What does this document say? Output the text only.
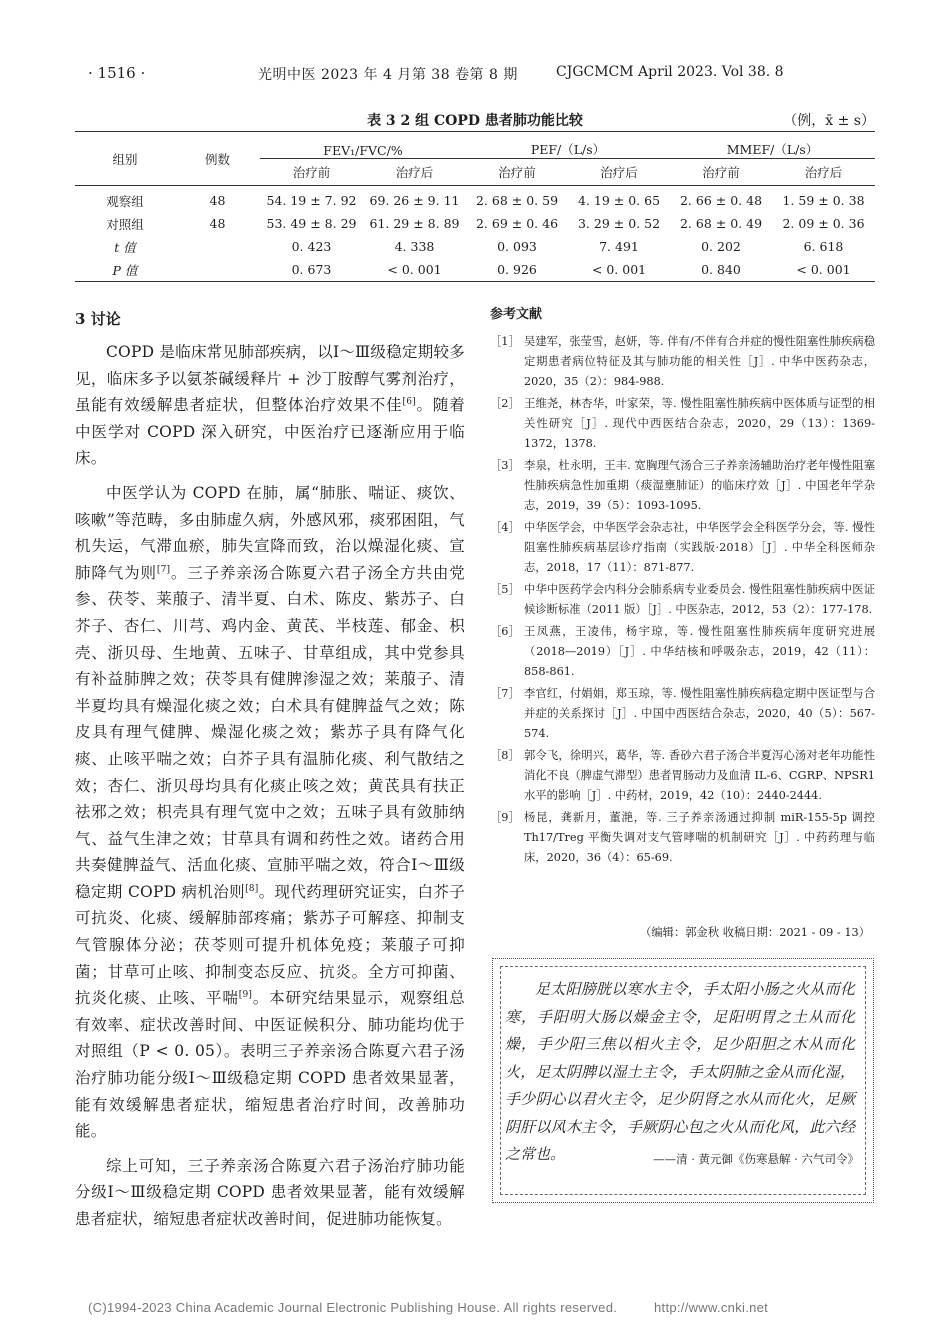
· 1516 ·	光明中医 2023 年 4 月第 38 卷第 8 期	CJGCMCM April 2023. Vol 38. 8
表 3 2 组 COPD 患者肺功能比较	（例，x̄ ± s）
组别	例数	FEV₁/FVC/%		PEF/（L/s）		MMEF/（L/s）	
		治疗前	治疗后	治疗前	治疗后	治疗前	治疗后
观察组	48	54. 19 ± 7. 92	69. 26 ± 9. 11	2. 68 ± 0. 59	4. 19 ± 0. 65	2. 66 ± 0. 48	1. 59 ± 0. 38
对照组	48	53. 49 ± 8. 29	61. 29 ± 8. 89	2. 69 ± 0. 46	3. 29 ± 0. 52	2. 68 ± 0. 49	2. 09 ± 0. 36
t 值		0. 423	4. 338	0. 093	7. 491	0. 202	6. 618
P 值		0. 673	< 0. 001	0. 926	< 0. 001	0. 840	< 0. 001
3 讨论

COPD 是临床常见肺部疾病，以Ⅰ～Ⅲ级稳定期较多见，临床多予以氨茶碱缓释片 + 沙丁胺醇气雾剂治疗，虽能有效缓解患者症状，但整体治疗效果不佳[6]。随着中医学对 COPD 深入研究，中医治疗已逐渐应用于临床。

中医学认为 COPD 在肺，属“肺胀、喘证、痰饮、咳嗽”等范畴，多由肺虚久病，外感风邪，痰邪困阻，气机失运，气滞血瘀，肺失宣降而致，治以燥湿化痰、宣肺降气为则[7]。三子养亲汤合陈夏六君子汤全方共由党参、茯苓、莱菔子、清半夏、白术、陈皮、紫苏子、白芥子、杏仁、川芎、鸡内金、黄芪、半枝莲、郁金、枳壳、浙贝母、生地黄、五味子、甘草组成，其中党参具有补益肺脾之效；茯苓具有健脾渗湿之效；莱菔子、清半夏均具有燥湿化痰之效；白术具有健脾益气之效；陈皮具有理气健脾、燥湿化痰之效；紫苏子具有降气化痰、止咳平喘之效；白芥子具有温肺化痰、利气散结之效；杏仁、浙贝母均具有化痰止咳之效；黄芪具有扶正祛邪之效；枳壳具有理气宽中之效；五味子具有敛肺纳气、益气生津之效；甘草具有调和药性之效。诸药合用共奏健脾益气、活血化痰、宣肺平喘之效，符合Ⅰ～Ⅲ级稳定期 COPD 病机治则[8]。现代药理研究证实，白芥子可抗炎、化痰、缓解肺部疼痛；紫苏子可解痉、抑制支气管腺体分泌；茯苓则可提升机体免疫；莱菔子可抑菌；甘草可止咳、抑制变态反应、抗炎。全方可抑菌、抗炎化痰、止咳、平喘[9]。本研究结果显示，观察组总有效率、症状改善时间、中医证候积分、肺功能均优于对照组（P < 0. 05）。表明三子养亲汤合陈夏六君子汤治疗肺功能分级Ⅰ～Ⅲ级稳定期 COPD 患者效果显著，能有效缓解患者症状，缩短患者治疗时间，改善肺功能。

综上可知，三子养亲汤合陈夏六君子汤治疗肺功能分级Ⅰ～Ⅲ级稳定期 COPD 患者效果显著，能有效缓解患者症状，缩短患者症状改善时间，促进肺功能恢复。

参考文献
［1］ 吴建军，张莹雪，赵妍，等. 伴有/不伴有合并症的慢性阻塞性肺疾病稳定期患者病位特征及其与肺功能的相关性［J］. 中华中医药杂志，2020，35（2）：984-988.
［2］ 王维尧，林杏华，叶家荣，等. 慢性阻塞性肺疾病中医体质与证型的相关性研究［J］. 现代中西医结合杂志，2020，29（13）：1369-1372，1378.
［3］ 李泉，杜永明，王丰. 宽胸理气汤合三子养亲汤辅助治疗老年慢性阻塞性肺疾病急性加重期（痰湿壅肺证）的临床疗效［J］. 中国老年学杂志，2019，39（5）：1093-1095.
［4］ 中华医学会，中华医学会杂志社，中华医学会全科医学分会，等. 慢性阻塞性肺疾病基层诊疗指南（实践版·2018）［J］. 中华全科医师杂志，2018，17（11）：871-877.
［5］ 中华中医药学会内科分会肺系病专业委员会. 慢性阻塞性肺疾病中医证候诊断标准（2011 版）［J］. 中医杂志，2012，53（2）：177-178.
［6］ 王凤燕，王凌伟，杨宇琼，等. 慢性阻塞性肺疾病年度研究进展（2018—2019）［J］. 中华结核和呼吸杂志，2019，42（11）：858-861.
［7］ 李官红，付娟娟，郑玉琼，等. 慢性阻塞性肺疾病稳定期中医证型与合并症的关系探讨［J］. 中国中西医结合杂志，2020，40（5）：567-574.
［8］ 郭令飞，徐明兴，葛华，等. 香砂六君子汤合半夏泻心汤对老年功能性消化不良（脾虚气滞型）患者胃肠动力及血清 IL-6、CGRP、NPSR1 水平的影响［J］. 中药材，2019，42（10）：2440-2444.
［9］ 杨昆，龚新月，董滟，等. 三子养亲汤通过抑制 miR-155-5p 调控 Th17/Treg 平衡失调对支气管哮喘的机制研究［J］. 中药药理与临床，2020，36（4）：65-69.
（编辑：郭金秋 收稿日期：2021 - 09 - 13）
足太阳膀胱以寒水主令，手太阳小肠之火从而化寒，手阳明大肠以燥金主令，足阳明胃之土从而化燥，手少阳三焦以相火主令，足少阳胆之木从而化火，足太阴脾以湿土主令，手太阴肺之金从而化湿，手少阴心以君火主令，足少阴肾之水从而化火，足厥阴肝以风木主令，手厥阴心包之火从而化风，此六经之常也。	——清 · 黄元御《伤寒悬解 · 六气司令》
(C)1994-2023 China Academic Journal Electronic Publishing House. All rights reserved.	http://www.cnki.net
